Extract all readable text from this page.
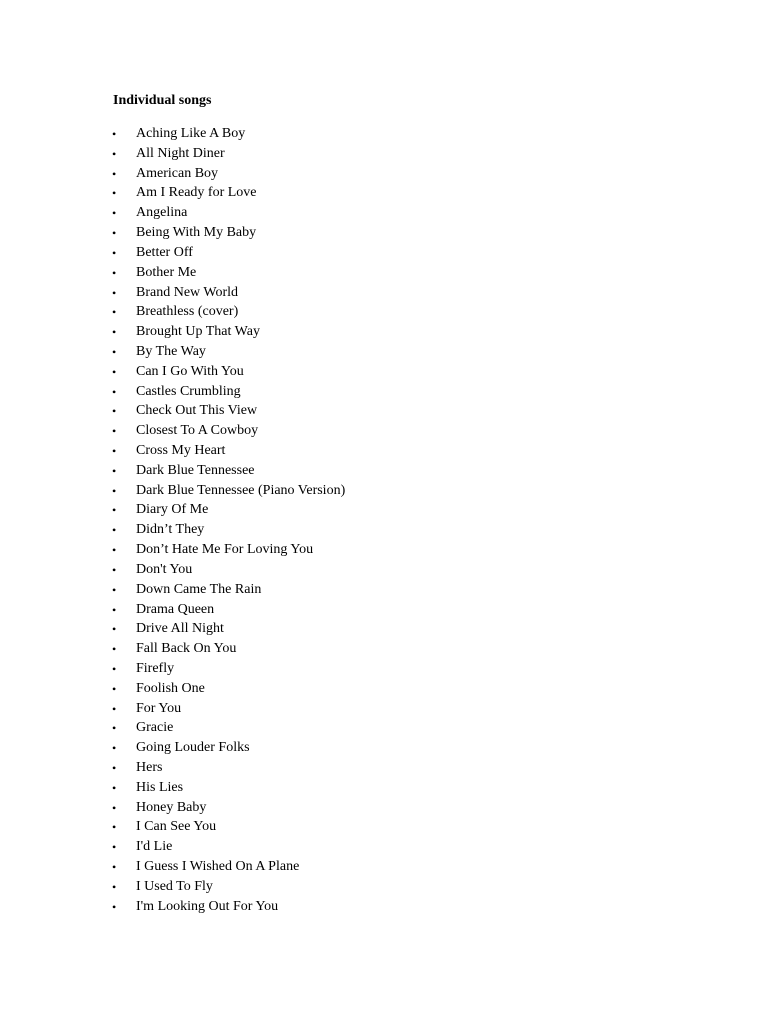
Individual songs
• Aching Like A Boy
• All Night Diner
• American Boy
• Am I Ready for Love
• Angelina
• Being With My Baby
• Better Off
• Bother Me
• Brand New World
• Breathless (cover)
• Brought Up That Way
• By The Way
• Can I Go With You
• Castles Crumbling
• Check Out This View
• Closest To A Cowboy
• Cross My Heart
• Dark Blue Tennessee
• Dark Blue Tennessee (Piano Version)
• Diary Of Me
• Didn’t They
• Don’t Hate Me For Loving You
• Don't You
• Down Came The Rain
• Drama Queen
• Drive All Night
• Fall Back On You
• Firefly
• Foolish One
• For You
• Gracie
• Going Louder Folks
• Hers
• His Lies
• Honey Baby
• I Can See You
• I'd Lie
• I Guess I Wished On A Plane
• I Used To Fly
• I'm Looking Out For You
